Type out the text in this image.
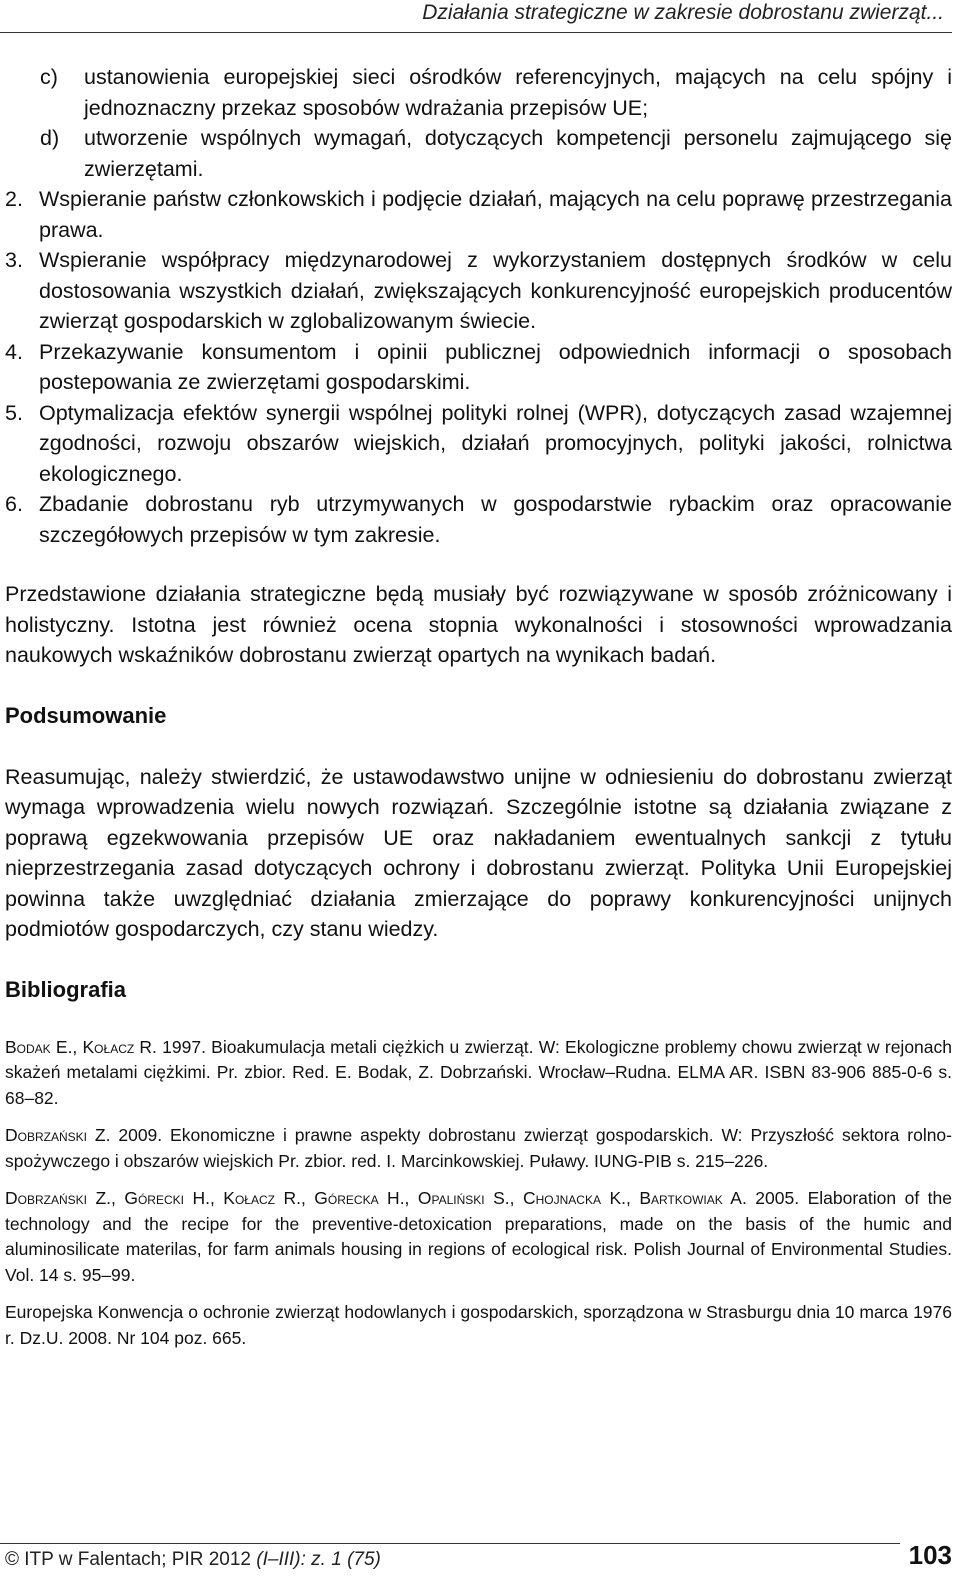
Działania strategiczne w zakresie dobrostanu zwierząt...
c)	ustanowienia europejskiej sieci ośrodków referencyjnych, mających na celu spójny i jednoznaczny przekaz sposobów wdrażania przepisów UE;
d)	utworzenie wspólnych wymagań, dotyczących kompetencji personelu zajmującego się zwierzętami.
2. Wspieranie państw członkowskich i podjęcie działań, mających na celu poprawę przestrzegania prawa.
3. Wspieranie współpracy międzynarodowej z wykorzystaniem dostępnych środków w celu dostosowania wszystkich działań, zwiększających konkurencyjność europejskich producentów zwierząt gospodarskich w zglobalizowanym świecie.
4. Przekazywanie konsumentom i opinii publicznej odpowiednich informacji o sposobach postepowania ze zwierzętami gospodarskimi.
5. Optymalizacja efektów synergii wspólnej polityki rolnej (WPR), dotyczących zasad wzajemnej zgodności, rozwoju obszarów wiejskich, działań promocyjnych, polityki jakości, rolnictwa ekologicznego.
6. Zbadanie dobrostanu ryb utrzymywanych w gospodarstwie rybackim oraz opracowanie szczegółowych przepisów w tym zakresie.

Przedstawione działania strategiczne będą musiały być rozwiązywane w sposób zróżnicowany i holistyczny. Istotna jest również ocena stopnia wykonalności i stosowności wprowadzania naukowych wskaźników dobrostanu zwierząt opartych na wynikach badań.

Podsumowanie

Reasumując, należy stwierdzić, że ustawodawstwo unijne w odniesieniu do dobrostanu zwierząt wymaga wprowadzenia wielu nowych rozwiązań. Szczególnie istotne są działania związane z poprawą egzekwowania przepisów UE oraz nakładaniem ewentualnych sankcji z tytułu nieprzestrzegania zasad dotyczących ochrony i dobrostanu zwierząt. Polityka Unii Europejskiej powinna także uwzględniać działania zmierzające do poprawy konkurencyjności unijnych podmiotów gospodarczych, czy stanu wiedzy.

Bibliografia

Bodak E., Kołacz R. 1997. Bioakumulacja metali ciężkich u zwierząt. W: Ekologiczne problemy chowu zwierząt w rejonach skażeń metalami ciężkimi. Pr. zbior. Red. E. Bodak, Z. Dobrzański. Wrocław–Rudna. ELMA AR. ISBN 83-906 885-0-6 s. 68–82.

Dobrzański Z. 2009. Ekonomiczne i prawne aspekty dobrostanu zwierząt gospodarskich. W: Przyszłość sektora rolno-spożywczego i obszarów wiejskich Pr. zbior. red. I. Marcinkowskiej. Puławy. IUNG-PIB s. 215–226.

Dobrzański Z., Górecki H., Kołacz R., Górecka H., Opaliński S., Chojnacka K., Bartkowiak A. 2005. Elaboration of the technology and the recipe for the preventive-detoxication preparations, made on the basis of the humic and aluminosilicate materilas, for farm animals housing in regions of ecological risk. Polish Journal of Environmental Studies. Vol. 14 s. 95–99.

Europejska Konwencja o ochronie zwierząt hodowlanych i gospodarskich, sporządzona w Strasburgu dnia 10 marca 1976 r. Dz.U. 2008. Nr 104 poz. 665.

© ITP w Falentach; PIR 2012 (I–III): z. 1 (75)	103
